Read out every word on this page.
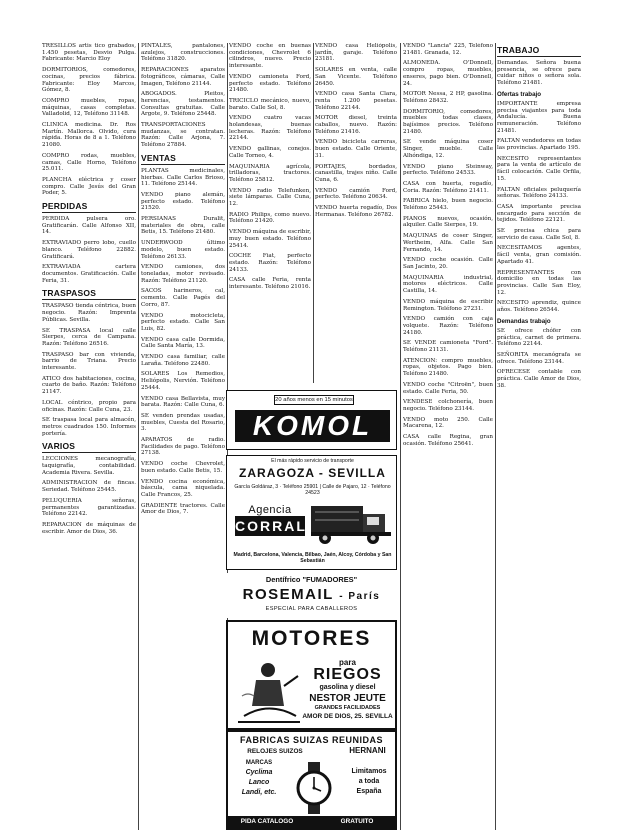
TRESILLOS artis tico grabados, 1.450 pesetas, Desvio Pulga. Fabricante: Marcio Eloy
DORMITORIOS, comedores, cocinas, precios fábrica. Fabricante: Eloy Marcos, Gómez, 8.
COMPRO muebles, ropas, máquinas, casas completas. Valladolid, 12, Teléfono 31148.
CLINICA medicina. Dr. Ros Martín. Mallorca. Olvido, cura rápida. Horas de 8 a 1. Teléfono 21080.
COMPRO rodas, muebles, camas, Calle Horno, Teléfono 25.011.
PLANCHA eléctrica y coser compro. Calle Jesús del Gran Poder, 5.
PERDIDAS
PERDIDA pulsera oro. Gratificarán. Calle Alfonso XII, 14.
EXTRAVIADO perro lobo, cuello blanco. Teléfono 22882. Gratificará.
EXTRAVIADA cartera documentos. Gratificación. Calle Feria, 31.
TRASPASOS
TRASPASO tienda céntrica, buen negocio. Razón: Imprenta Públicas. Sevilla.
SE TRASPASA local calle Sierpes, cerca de Campana. Razón: Teléfono 26516.
TRASPASO bar con vivienda, barrio de Triana. Precio interesante.
ATICO dos habitaciones, cocina, cuarto de baño. Razón: Teléfono 21147.
LOCAL céntrico, propio para oficinas. Razón: Calle Cuna, 23.
SE traspasa local para almacén, metros cuadrados 150. Informes portería.
VARIOS
LECCIONES mecanografía, taquigrafía, contabilidad. Academia Rivera. Sevilla.
ADMINISTRACION de fincas. Seriedad. Teléfono 25445.
PELUQUERIA señoras, permanentes garantizadas. Teléfono 22142.
REPARACION de máquinas de escribir. Amor de Dios, 36.
PINTALES, pantalones, azulejos, construcciones. Teléfono 31820.
REPARACIONES aparatos fotográficos, cámaras, Calle Imagen, Teléfono 21144.
ABOGADOS. Pleitos, herencias, testamentos. Consultas gratuitas. Calle Argote, 9. Teléfono 25448.
TRANSPORTACIONES mudanzas, se contratan. Razón: Calle Arjona, 7. Teléfono 27884.
VENTAS
PLANTAS medicinales, hierbas. Calle Carlos Brioso, 11. Teléfono 25144.
VENDO piano alemán, perfecto estado. Teléfono 21520.
PERSIANAS Duralit, materiales de obra, calle Betis, 15. Teléfono 21480.
UNDERWOOD último modelo, buen estado. Teléfono 26133.
VENDO camiones, dos toneladas, motor revisado. Razón: Teléfono 21120.
SACOS harineros, cal, cemento. Calle Pagés del Corro, 87.
VENDO motocicleta, perfecto estado. Calle San Luis, 82.
VENDO casa calle Dormida, Calle Santa María, 13.
VENDO casa familiar, calle Laraña. Teléfono 22480.
SOLARES Los Remedios, Heliópolis, Nervión. Teléfono 25444.
VENDO casa Bellavista, muy barata. Razón: Calle Cuna, 6.
SE venden prendas usadas, muebles, Cuesta del Rosario, 3.
APARATOS de radio. Facilidades de pago. Teléfono 27138.
VENDO coche Chevrolet, buen estado. Calle Betis, 15.
VENDO cocina económica, báscula, cama niquelada. Calle Francos, 25.
GRADIENTE tractores. Calle Amor de Dios, 7.
VENDO coche en buenas condiciones, Chevrolet 6 cilindros, nuevo. Precio interesante.
VENDO camioneta Ford, perfecto estado. Teléfono 21480.
TRICICLO mecánico, nuevo, barato. Calle Sol, 8.
VENDO cuatro vacas holandesas, buenas lecheras. Razón: Teléfono 22144.
VENDO gallinas, conejos. Calle Torneo, 4.
MAQUINARIA agrícola, trilladoras, tractores. Teléfono 25812.
VENDO radio Telefunken, siete lámparas. Calle Cuna, 12.
RADIO Philips, como nuevo. Teléfono 21420.
VENDO máquina de escribir, muy buen estado. Teléfono 25414.
COCHE Fiat, perfecto estado. Razón: Teléfono 24133.
CASA calle Feria, renta interesante. Teléfono 21016.
VENDO casa Heliópolis, jardín, garaje. Teléfono 23181.
SOLARES en venta, calle San Vicente. Teléfono 26450.
VENDO casa Santa Clara, renta 1.200 pesetas. Teléfono 22144.
MOTOR diesel, treinta caballos, nuevo. Razón: Teléfono 21416.
VENDO bicicleta carreras, buen estado. Calle Oriente, 31.
PORTAJES, bordados, canastilla, trajes niño. Calle Cuna, 6.
VENDO camión Ford, perfecto. Teléfono 20634.
VENDO huerta regadío, Dos Hermanas. Teléfono 26782.
VENDO "Lancia" 225, Teléfono 21481. Granada, 12.
ALMONEDA. O'Donnell, compro ropas, muebles, enseres, pago bien. O'Donnell, 24.
MOTOR Nessa, 2 HP, gasolina. Teléfono 28432.
DORMITORIO, comedores, muebles todas clases, bajísimos precios. Teléfono 21480.
SE vende máquina coser Singer, mueble. Calle Alhóndiga, 12.
VENDO piano Steinway, perfecto. Teléfono 24533.
CASA con huerta, regadío, Coria. Razón: Teléfono 21411.
FABRICA hielo, buen negocio. Teléfono 25443.
PIANOS nuevos, ocasión, alquiler. Calle Sierpes, 19.
MAQUINAS de coser Singer, Wertheim, Alfa. Calle San Fernando, 14.
VENDO coche ocasión. Calle San Jacinto, 20.
MAQUINARIA industrial, motores eléctricos. Calle Castilla, 14.
VENDO máquina de escribir Remington. Teléfono 27231.
VENDO camión con caja volquete. Razón: Teléfono 24180.
SE VENDE camioneta "Ford". Teléfono 21131.
ATENCION: compro muebles, ropas, objetos. Pago bien. Teléfono 21480.
VENDO coche "Citroën", buen estado. Calle Feria, 50.
VENDESE colchonería, buen negocio. Teléfono 23144.
VENDO moto 250. Calle Macarena, 12.
CASA calle Regina, gran ocasión. Teléfono 25641.
TRABAJO
Demandas. Señora buena presencia, se ofrece para cuidar niños o señora sola. Teléfono 21481.
Ofertas trabajo
IMPORTANTE empresa precisa viajantes para toda Andalucía. Buena remuneración. Teléfono 21481.
FALTAN vendedores en todas las provincias. Apartado 195.
NECESITO representantes para la venta de artículo de fácil colocación. Calle Orfila, 15.
FALTAN oficiales peluquería señoras. Teléfono 24133.
CASA importante precisa encargado para sección de tejidos. Teléfono 22121.
SE precisa chica para servicio de casa. Calle Sol, 8.
NECESITAMOS agentes, fácil venta, gran comisión. Apartado 41.
REPRESENTANTES con domicilio en todas las provincias. Calle San Eloy, 12.
NECESITO aprendiz, quince años. Teléfono 26544.
Demandas trabajo
SE ofrece chófer con práctica, carnet de primera. Teléfono 22144.
SEÑORITA mecanógrafa se ofrece. Teléfono 23144.
OFRECESE contable con práctica. Calle Amor de Dios, 38.
20 años menos en 15 minutos
KOMOL
El más rápido servicio de transporte
ZARAGOZA - SEVILLA
García Goldáraz, 3 · Teléfono 25901 | Calle de Pajaro, 12 · Teléfono 24523
Agencia
CORRAL
Madrid, Barcelona, Valencia, Bilbao, Jaén, Alcoy, Córdoba y San Sebastián
Dentífrico "FUMADORES"
ROSEMAIL - París
ESPECIAL PARA CABALLEROS
MOTORES
para
RIEGOS
gasolina y diesel
NESTOR JEUTE
GRANDES FACILIDADES
AMOR DE DIOS, 25. SEVILLA
FABRICAS SUIZAS REUNIDAS
RELOJES SUIZOS	HERNANI
MARCAS
Cyclima
Lanco
Landi, etc.
Limitamos
a toda
España
PIDA CATALOGO	GRATUITO
